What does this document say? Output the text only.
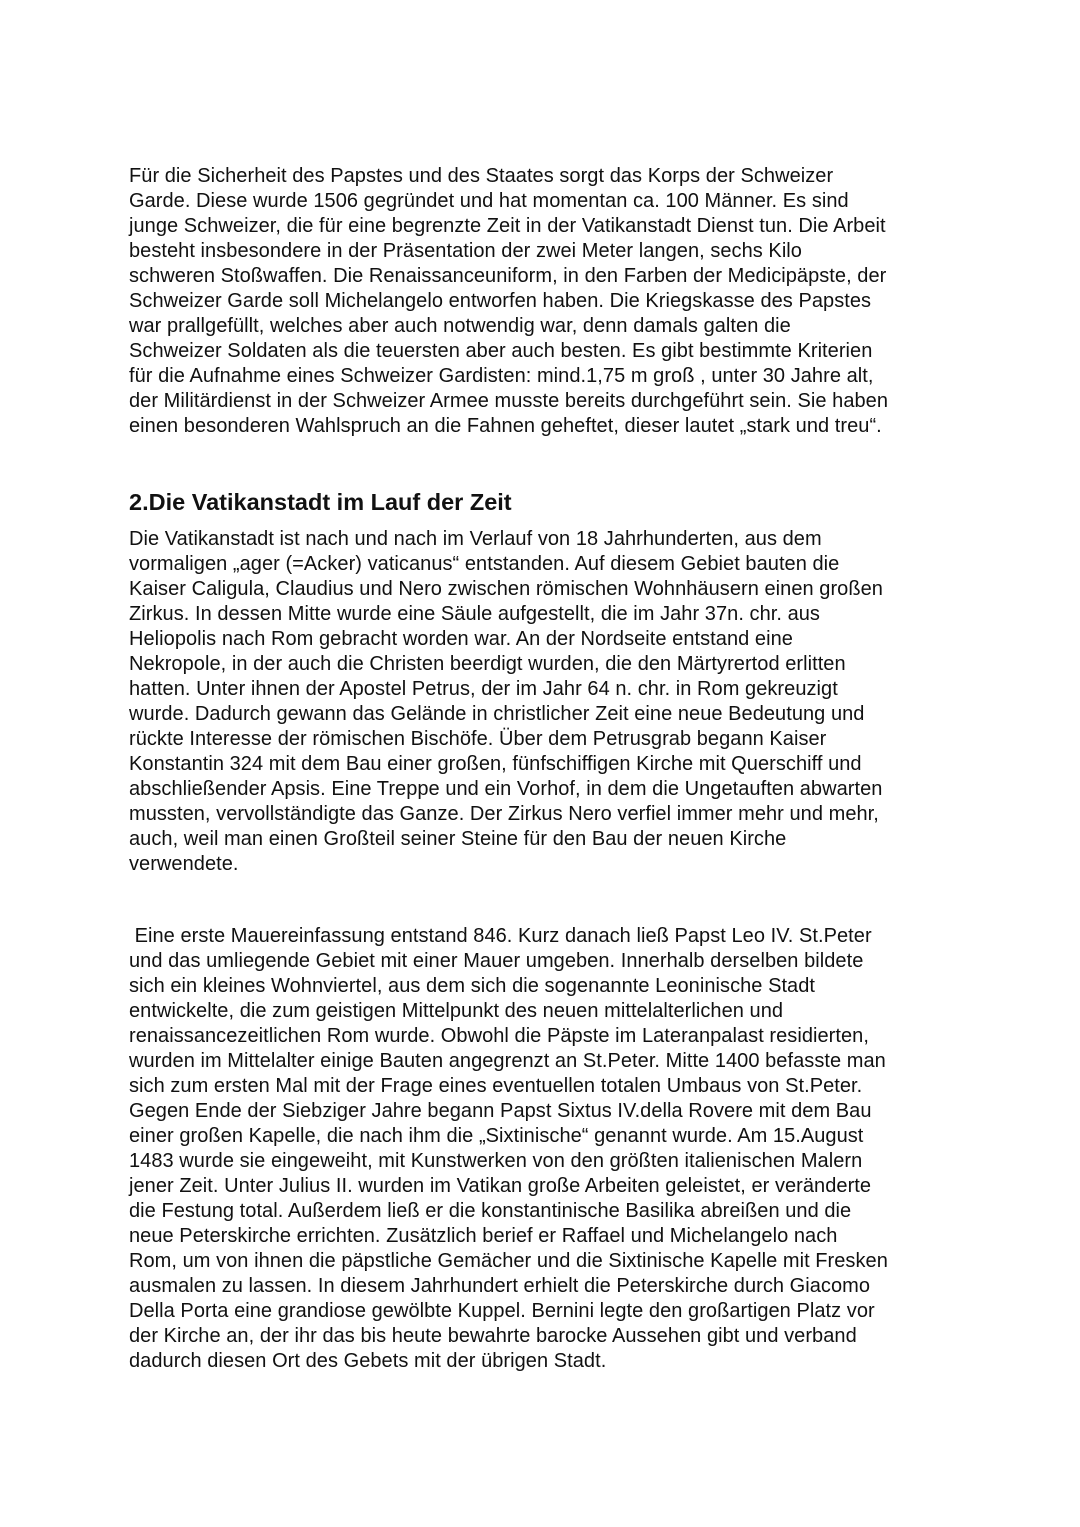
Für die Sicherheit des Papstes und des Staates sorgt das Korps der Schweizer
Garde. Diese wurde 1506 gegründet und hat momentan ca. 100 Männer. Es sind
junge Schweizer, die für eine begrenzte Zeit in der Vatikanstadt Dienst tun. Die Arbeit
besteht insbesondere in der Präsentation der zwei Meter langen, sechs Kilo
schweren Stoßwaffen. Die Renaissanceuniform, in den Farben der Medicipäpste, der
Schweizer Garde soll Michelangelo entworfen haben. Die Kriegskasse des Papstes
war prallgefüllt, welches aber auch notwendig war, denn damals galten die
Schweizer Soldaten als die teuersten aber auch besten. Es gibt bestimmte Kriterien
für die Aufnahme eines Schweizer Gardisten: mind.1,75 m groß , unter 30 Jahre alt,
der Militärdienst in der Schweizer Armee musste bereits durchgeführt sein. Sie haben
einen besonderen Wahlspruch an die Fahnen geheftet, dieser lautet „stark und treu“.
2.Die Vatikanstadt im Lauf der Zeit
Die Vatikanstadt ist nach und nach im Verlauf von 18 Jahrhunderten, aus dem
vormaligen „ager (=Acker) vaticanus“ entstanden. Auf diesem Gebiet bauten die
Kaiser Caligula, Claudius und Nero zwischen römischen Wohnhäusern einen großen
Zirkus. In dessen Mitte wurde eine Säule aufgestellt, die im Jahr 37n. chr. aus
Heliopolis nach Rom gebracht worden war. An der Nordseite entstand eine
Nekropole, in der auch die Christen beerdigt wurden, die den Märtyrertod erlitten
hatten. Unter ihnen der Apostel Petrus, der im Jahr 64 n. chr. in Rom gekreuzigt
wurde. Dadurch gewann das Gelände in christlicher Zeit eine neue Bedeutung und
rückte Interesse der römischen Bischöfe. Über dem Petrusgrab begann Kaiser
Konstantin 324 mit dem Bau einer großen, fünfschiffigen Kirche mit Querschiff und
abschließender Apsis. Eine Treppe und ein Vorhof, in dem die Ungetauften abwarten
mussten, vervollständigte das Ganze. Der Zirkus Nero verfiel immer mehr und mehr,
auch, weil man einen Großteil seiner Steine für den Bau der neuen Kirche
verwendete.
Eine erste Mauereinfassung entstand 846. Kurz danach ließ Papst Leo IV. St.Peter
und das umliegende Gebiet mit einer Mauer umgeben. Innerhalb derselben bildete
sich ein kleines Wohnviertel, aus dem sich die sogenannte Leoninische Stadt
entwickelte, die zum geistigen Mittelpunkt des neuen mittelalterlichen und
renaissancezeitlichen Rom wurde. Obwohl die Päpste im Lateranpalast residierten,
wurden im Mittelalter einige Bauten angegrenzt an St.Peter. Mitte 1400 befasste man
sich zum ersten Mal mit der Frage eines eventuellen totalen Umbaus von St.Peter.
Gegen Ende der Siebziger Jahre begann Papst Sixtus IV.della Rovere mit dem Bau
einer großen Kapelle, die nach ihm die „Sixtinische“ genannt wurde. Am 15.August
1483 wurde sie eingeweiht, mit Kunstwerken von den größten italienischen Malern
jener Zeit. Unter Julius II. wurden im Vatikan große Arbeiten geleistet, er veränderte
die Festung total. Außerdem ließ er die konstantinische Basilika abreißen und die
neue Peterskirche errichten. Zusätzlich berief er Raffael und Michelangelo nach
Rom, um von ihnen die päpstliche Gemächer und die Sixtinische Kapelle mit Fresken
ausmalen zu lassen. In diesem Jahrhundert erhielt die Peterskirche durch Giacomo
Della Porta eine grandiose gewölbte Kuppel. Bernini legte den großartigen Platz vor
der Kirche an, der ihr das bis heute bewahrte barocke Aussehen gibt und verband
dadurch diesen Ort des Gebets mit der übrigen Stadt.
